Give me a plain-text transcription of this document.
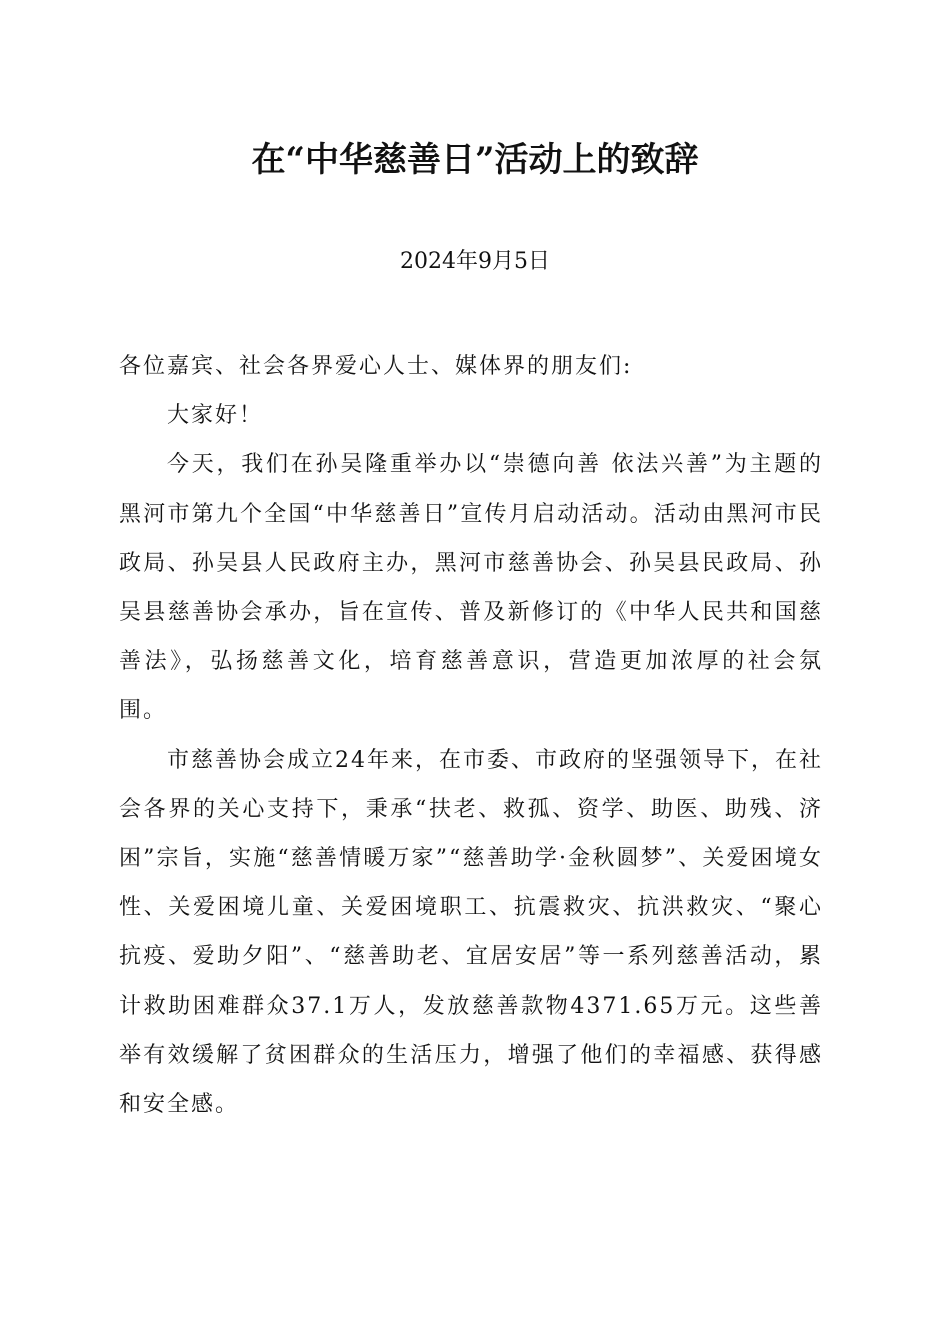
在“中华慈善日”活动上的致辞
2024年9月5日

各位嘉宾、社会各界爱心人士、媒体界的朋友们:

大家好！

今天，我们在孙吴隆重举办以“崇德向善 依法兴善”为主题的黑河市第九个全国“中华慈善日”宣传月启动活动。活动由黑河市民政局、孙吴县人民政府主办，黑河市慈善协会、孙吴县民政局、孙吴县慈善协会承办，旨在宣传、普及新修订的《中华人民共和国慈善法》，弘扬慈善文化，培育慈善意识，营造更加浓厚的社会氛围。

市慈善协会成立24年来，在市委、市政府的坚强领导下，在社会各界的关心支持下，秉承“扶老、救孤、资学、助医、助残、济困”宗旨，实施“慈善情暖万家”“慈善助学·金秋圆梦”、关爱困境女性、关爱困境儿童、关爱困境职工、抗震救灾、抗洪救灾、“聚心抗疫、爱助夕阳”、“慈善助老、宜居安居”等一系列慈善活动，累计救助困难群众37.1万人，发放慈善款物4371.65万元。这些善举有效缓解了贫困群众的生活压力，增强了他们的幸福感、获得感和安全感。
